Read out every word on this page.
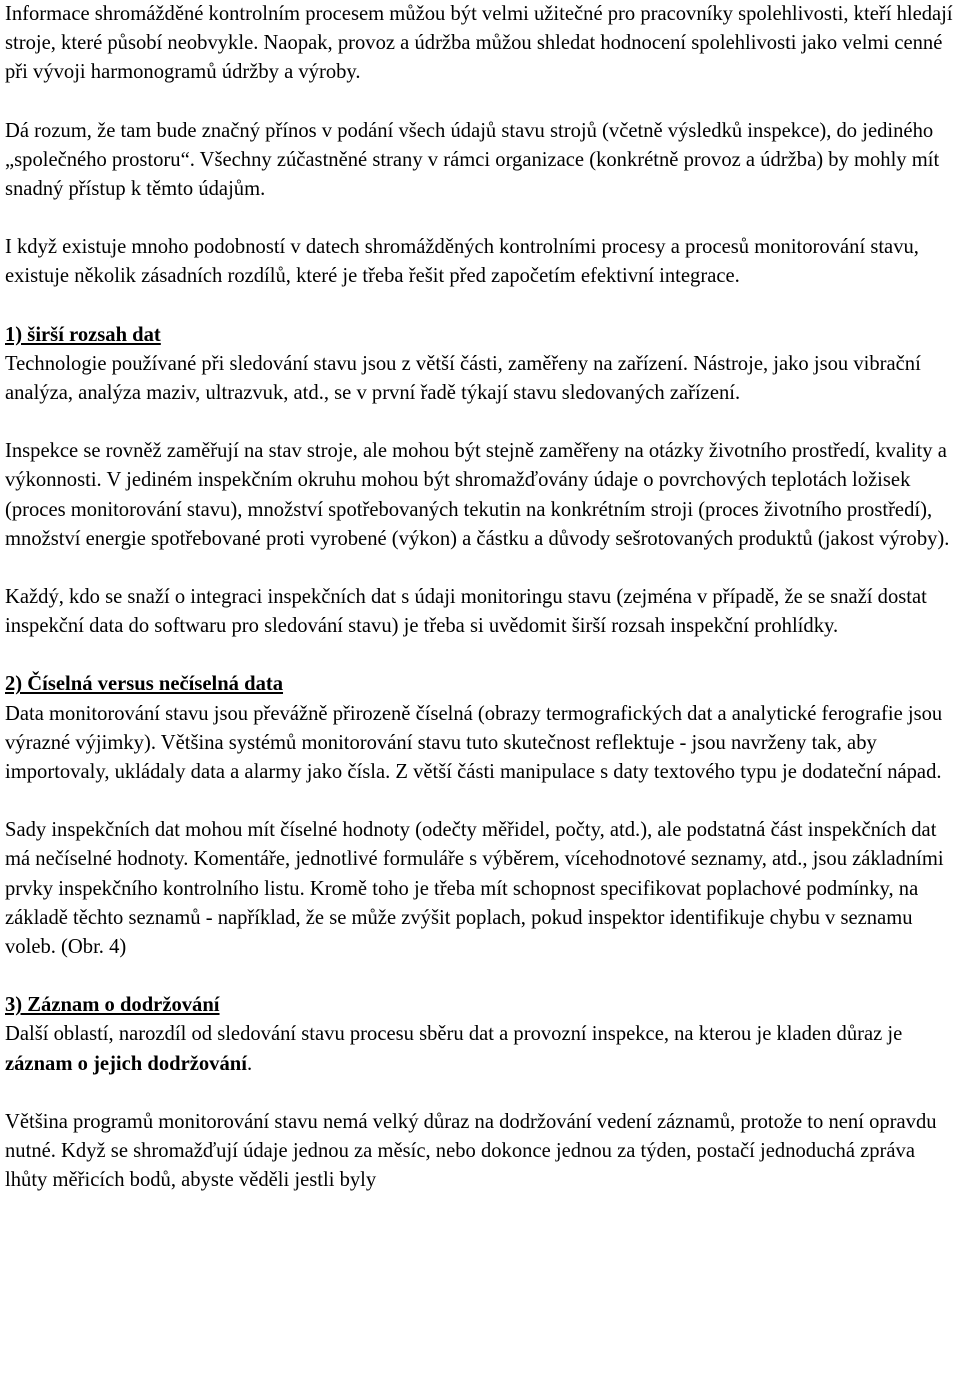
Informace shromážděné kontrolním procesem můžou být velmi užitečné pro pracovníky spolehlivosti, kteří hledají stroje, které působí neobvykle. Naopak, provoz a údržba můžou shledat hodnocení spolehlivosti jako velmi cenné při vývoji harmonogramů údržby a výroby.

Dá rozum, že tam bude značný přínos v podání všech údajů stavu strojů (včetně výsledků inspekce), do jediného „společného prostoru“. Všechny zúčastněné strany v rámci organizace (konkrétně provoz a údržba) by mohly mít snadný přístup k těmto údajům.

I když existuje mnoho podobností v datech shromážděných kontrolními procesy a procesů monitorování stavu, existuje několik zásadních rozdílů, které je třeba řešit před započetím efektivní integrace.

1) širší rozsah dat

Technologie používané při sledování stavu jsou z větší části, zaměřeny na zařízení. Nástroje, jako jsou vibrační analýza, analýza maziv, ultrazvuk, atd., se v první řadě týkají stavu sledovaných zařízení.

Inspekce se rovněž zaměřují na stav stroje, ale mohou být stejně zaměřeny na otázky životního prostředí, kvality a výkonnosti. V jediném inspekčním okruhu mohou být shromažďovány údaje o povrchových teplotách ložisek (proces monitorování stavu), množství spotřebovaných tekutin na konkrétním stroji (proces životního prostředí), množství energie spotřebované proti vyrobené (výkon) a částku a důvody sešrotovaných produktů (jakost výroby).

Každý, kdo se snaží o integraci inspekčních dat s údaji monitoringu stavu (zejména v případě, že se snaží dostat inspekční data do softwaru pro sledování stavu) je třeba si uvědomit širší rozsah inspekční prohlídky.

2) Číselná versus nečíselná data

Data monitorování stavu jsou převážně přirozeně číselná (obrazy termografických dat a analytické ferografie jsou výrazné výjimky). Většina systémů monitorování stavu tuto skutečnost reflektuje - jsou navrženy tak, aby importovaly, ukládaly data a alarmy jako čísla. Z větší části manipulace s daty textového typu je dodateční nápad.

Sady inspekčních dat mohou mít číselné hodnoty (odečty měřidel, počty, atd.), ale podstatná část inspekčních dat má nečíselné hodnoty. Komentáře, jednotlivé formuláře s výběrem, vícehodnotové seznamy, atd., jsou základními prvky inspekčního kontrolního listu. Kromě toho je třeba mít schopnost specifikovat poplachové podmínky, na základě těchto seznamů - například, že se může zvýšit poplach, pokud inspektor identifikuje chybu v seznamu voleb. (Obr. 4)

3) Záznam o dodržování

Další oblastí, narozdíl od sledování stavu procesu sběru dat a provozní inspekce, na kterou je kladen důraz je záznam o jejich dodržování.

Většina programů monitorování stavu nemá velký důraz na dodržování vedení záznamů, protože to není opravdu nutné. Když se shromažďují údaje jednou za měsíc, nebo dokonce jednou za týden, postačí jednoduchá zpráva lhůty měřicích bodů, abyste věděli jestli byly
